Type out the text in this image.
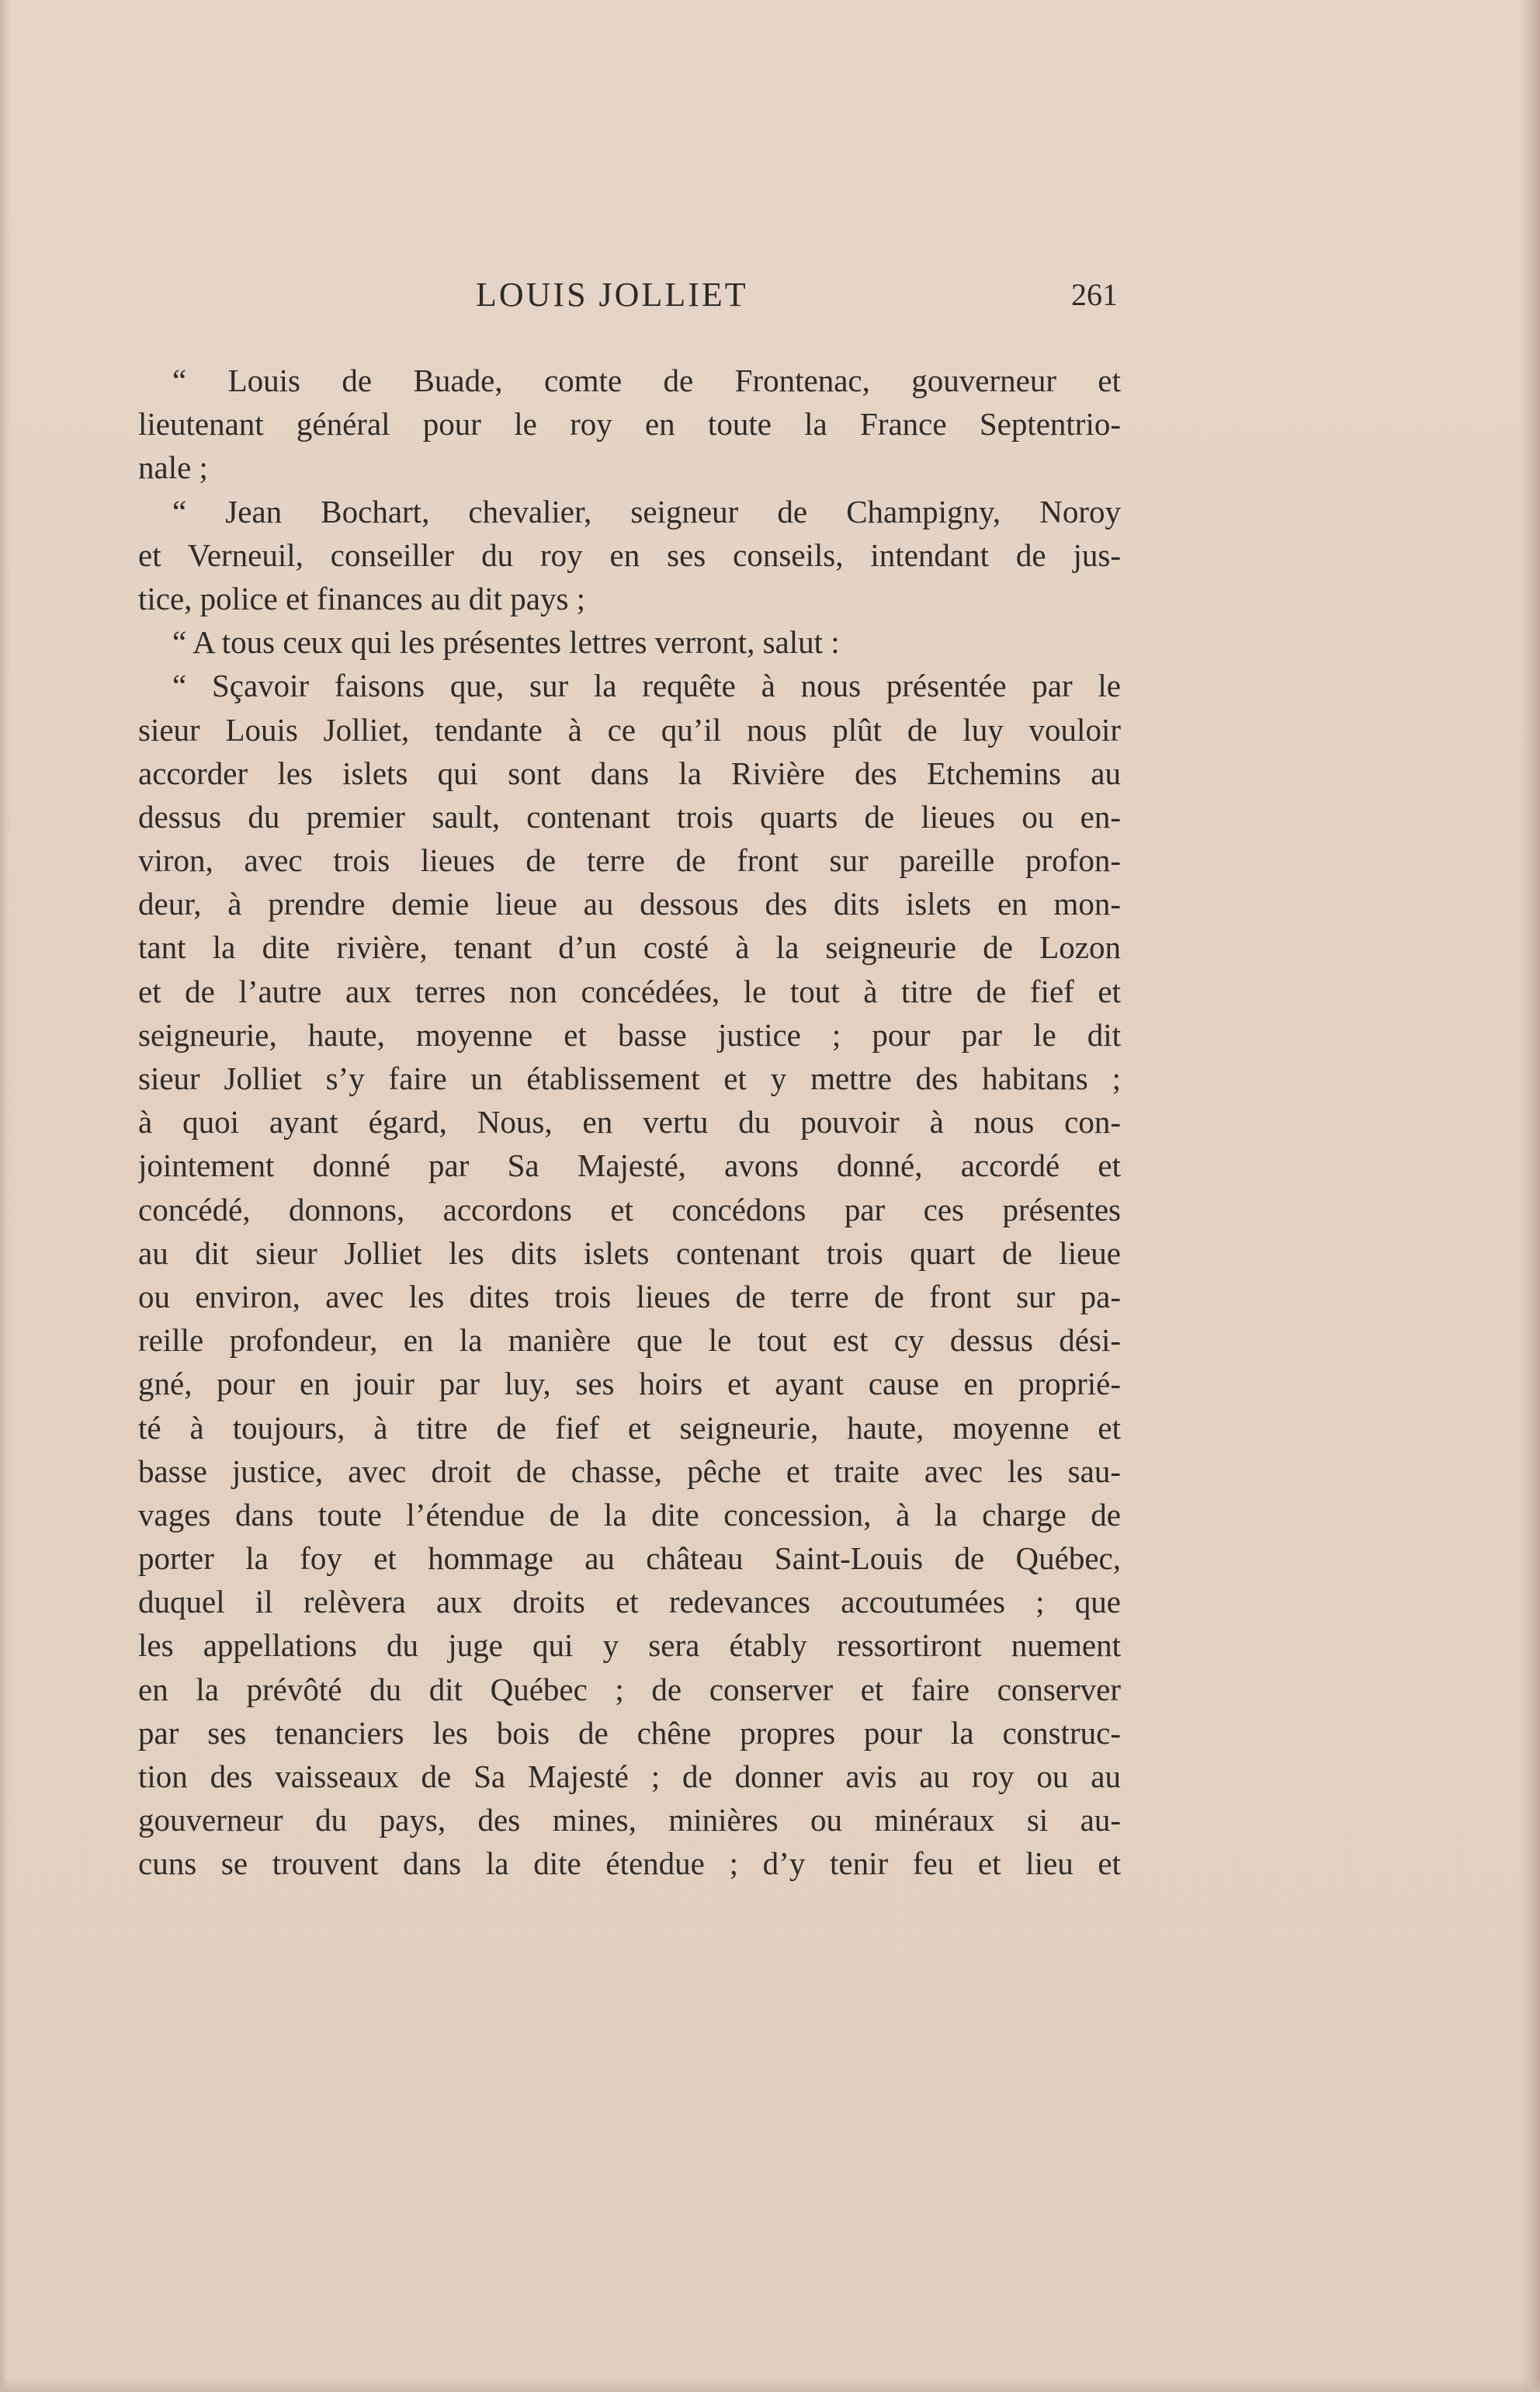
LOUIS JOLLIET	261
“ Louis de Buade, comte de Frontenac, gouverneur et
lieutenant général pour le roy en toute la France Septentrio-
nale ;
“ Jean Bochart, chevalier, seigneur de Champigny, Noroy
et Verneuil, conseiller du roy en ses conseils, intendant de jus-
tice, police et finances au dit pays ;
“ A tous ceux qui les présentes lettres verront, salut :
“ Sçavoir faisons que, sur la requête à nous présentée par le
sieur Louis Jolliet, tendante à ce qu’il nous plût de luy vouloir
accorder les islets qui sont dans la Rivière des Etchemins au
dessus du premier sault, contenant trois quarts de lieues ou en-
viron, avec trois lieues de terre de front sur pareille profon-
deur, à prendre demie lieue au dessous des dits islets en mon-
tant la dite rivière, tenant d’un costé à la seigneurie de Lozon
et de l’autre aux terres non concédées, le tout à titre de fief et
seigneurie, haute, moyenne et basse justice ; pour par le dit
sieur Jolliet s’y faire un établissement et y mettre des habitans ;
à quoi ayant égard, Nous, en vertu du pouvoir à nous con-
jointement donné par Sa Majesté, avons donné, accordé et
concédé, donnons, accordons et concédons par ces présentes
au dit sieur Jolliet les dits islets contenant trois quart de lieue
ou environ, avec les dites trois lieues de terre de front sur pa-
reille profondeur, en la manière que le tout est cy dessus dési-
gné, pour en jouir par luy, ses hoirs et ayant cause en proprié-
té à toujours, à titre de fief et seigneurie, haute, moyenne et
basse justice, avec droit de chasse, pêche et traite avec les sau-
vages dans toute l’étendue de la dite concession, à la charge de
porter la foy et hommage au château Saint-Louis de Québec,
duquel il relèvera aux droits et redevances accoutumées ; que
les appellations du juge qui y sera étably ressortiront nuement
en la prévôté du dit Québec ; de conserver et faire conserver
par ses tenanciers les bois de chêne propres pour la construc-
tion des vaisseaux de Sa Majesté ; de donner avis au roy ou au
gouverneur du pays, des mines, minières ou minéraux si au-
cuns se trouvent dans la dite étendue ; d’y tenir feu et lieu et
